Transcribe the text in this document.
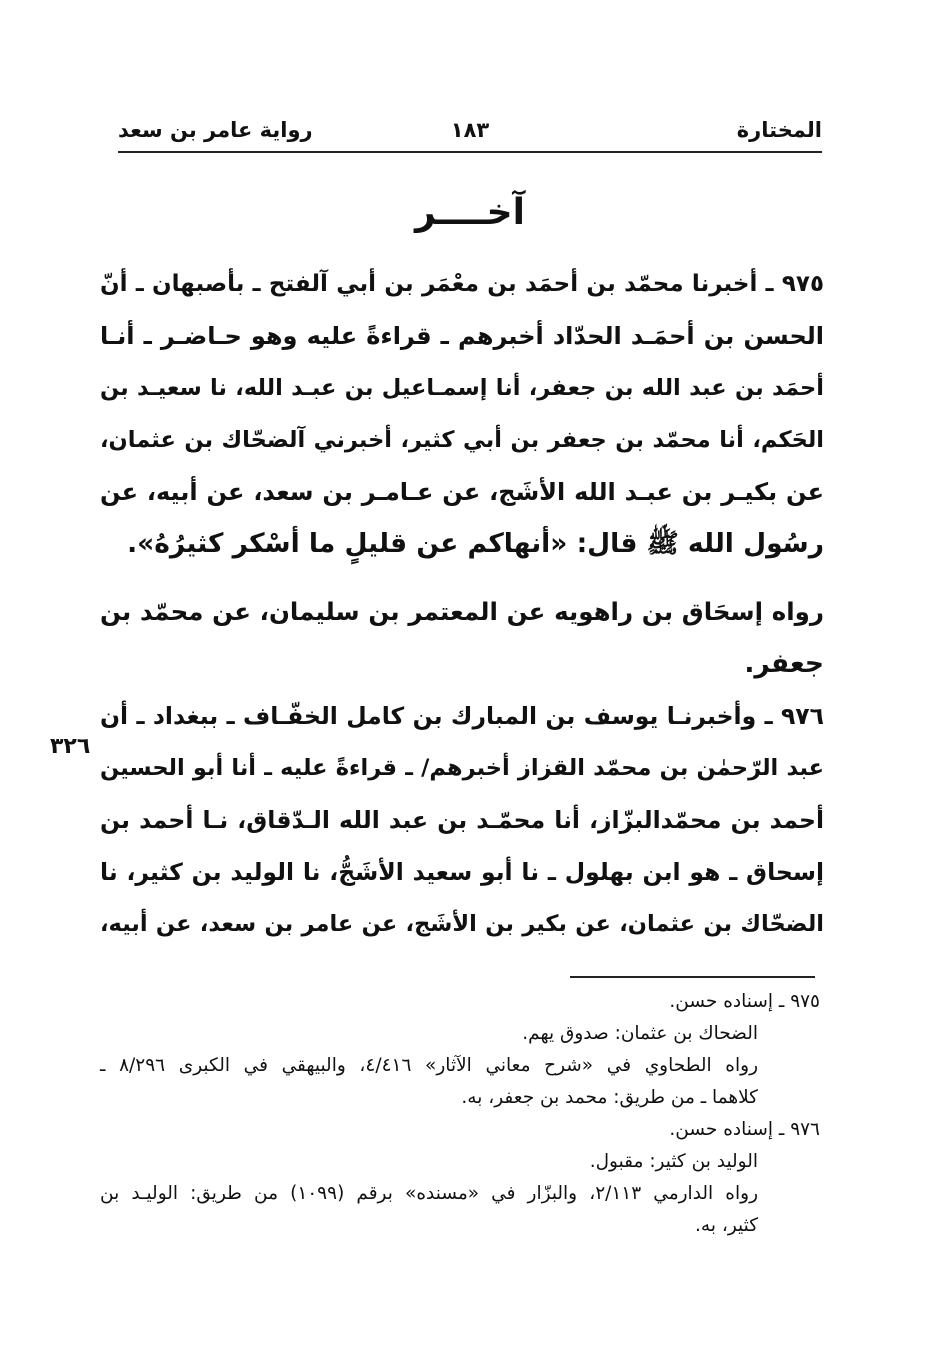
المختارة
١٨٣
رواية عامر بن سعد
آخــــر
٩٧٥ ـ أخبرنا محمّد بن أحمَد بن معْمَر بن أبي آلفتح ـ بأصبهان ـ أنّ
الحسن بن أحمَـد الحدّاد أخبرهم ـ قراءةً عليه وهو حـاضـر ـ أنـا
أحمَد بن عبد الله بن جعفر، أنا إسمـاعيل بن عبـد الله، نا سعيـد بن
الحَكم، أنا محمّد بن جعفر بن أبي كثير، أخبرني آلضحّاك بن عثمان،
عن بكيـر بن عبـد الله الأشَج، عن عـامـر بن سعد، عن أبيه، عن
رسُول الله ﷺ قال: «أنهاكم عن قليلٍ ما أسْكر كثيرُهُ».
رواه إسحَاق بن راهويه عن المعتمر بن سليمان، عن محمّد بن
جعفر.
٩٧٦ ـ وأخبرنـا يوسف بن المبارك بن كامل الخفّـاف ـ ببغداد ـ أن
عبد الرّحمٰن بن محمّد القزاز أخبرهم/ ـ قراءةً عليه ـ أنا أبو الحسين
أحمد بن محمّدالبزّاز، أنا محمّـد بن عبد الله الـدّقاق، نـا أحمد بن
إسحاق ـ هو ابن بهلول ـ نا أبو سعيد الأشَجُّ، نا الوليد بن كثير، نا
الضحّاك بن عثمان، عن بكير بن الأشَج، عن عامر بن سعد، عن أبيه،
٣٢٦
٩٧٥ ـ إسناده حسن.
الضحاك بن عثمان: صدوق يهم.
رواه الطحاوي في «شرح معاني الآثار» ٤/٤١٦، والبيهقي في الكبرى ٨/٢٩٦ ـ
كلاهما ـ من طريق: محمد بن جعفر، به.
٩٧٦ ـ إسناده حسن.
الوليد بن كثير: مقبول.
رواه الدارمي ٢/١١٣، والبزّار في «مسنده» برقم (١٠٩٩) من طريق: الوليـد بن
كثير، به.
